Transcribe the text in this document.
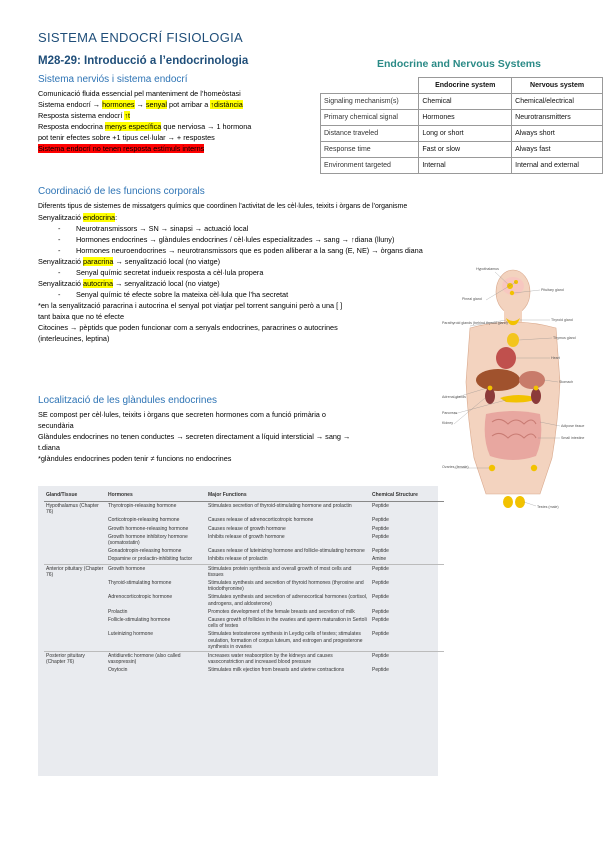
SISTEMA ENDOCRÍ FISIOLOGIA
M28-29: Introducció a l’endocrinologia
Sistema nerviós i sistema endocrí

Comunicació fluida essencial pel manteniment de l’homeòstasi

Sistema endocrí → hormones → senyal pot arribar a ↑distància

Resposta sistema endocrí ↑t

Resposta endocrina menys específica que nerviosa → 1 hormona

pot tenir efectes sobre +1 tipus cel·lular → + respostes

Sistema endocrí no tenen resposta estímuls interns

Endocrine and Nervous Systems
	Endocrine system	Nervous system
Signaling mechanism(s)	Chemical	Chemical/electrical
Primary chemical signal	Hormones	Neurotransmitters
Distance traveled	Long or short	Always short
Response time	Fast or slow	Always fast
Environment targeted	Internal	Internal and external
Coordinació de les funcions corporals

Diferents tipus de sistemes de missatgers químics que coordinen l’activitat de les cèl·lules, teixits i òrgans de l’organisme

Senyalització endocrina:

- Neurotransmissors → SN → sinapsi → actuació local

- Hormones endocrines → glàndules endocrines / cèl·lules especialitzades → sang → ↑diana (lluny)

- Hormones neuroendocrines → neurotransmissors que es poden alliberar a la sang (E, NE) → òrgans diana

Senyalització paracrina → senyalització local (no viatge)

- Senyal químic secretat indueix resposta a cèl·lula propera

Senyalització autocrina → senyalització local (no viatge)

- Senyal químic té efecte sobre la mateixa cèl·lula que l’ha secretat

*en la senyalització paracrina i autocrina el senyal pot viatjar pel torrent sanguini però a una [ ]

tant baixa que no té efecte

Citocines → pèptids que poden funcionar com a senyals endocrines, paracrines o autocrines

(interleucines, leptina)

Localització de les glàndules endocrines

SE compost per cèl·lules, teixits i òrgans que secreten hormones com a funció primària o

secundària

Glàndules endocrines no tenen conductes → secreten directament a líquid intersticial → sang →

t.diana

*glàndules endocrines poden tenir ≠ funcions no endocrines

Hypothalamus
Pineal gland
Pituitary gland
Parathyroid glands (behind thyroid gland)
Thyroid gland
Thymus gland
Heart
Stomach
Adrenal glands
Pancreas
Kidney
Adipose tissue
Small intestine
Ovaries (female)
Testes (male)
Gland/Tissue	Hormones	Major Functions	Chemical Structure
Hypothalamus (Chapter 76)	Thyrotropin-releasing hormone	Stimulates secretion of thyroid-stimulating hormone and prolactin	Peptide
	Corticotropin-releasing hormone	Causes release of adrenocorticotropic hormone	Peptide
	Growth hormone-releasing hormone	Causes release of growth hormone	Peptide
	Growth hormone inhibitory hormone (somatostatin)	Inhibits release of growth hormone	Peptide
	Gonadotropin-releasing hormone	Causes release of luteinizing hormone and follicle-stimulating hormone	Peptide
	Dopamine or prolactin-inhibiting factor	Inhibits release of prolactin	Amine
Anterior pituitary (Chapter 76)	Growth hormone	Stimulates protein synthesis and overall growth of most cells and tissues	Peptide
	Thyroid-stimulating hormone	Stimulates synthesis and secretion of thyroid hormones (thyroxine and triiodothyronine)	Peptide
	Adrenocorticotropic hormone	Stimulates synthesis and secretion of adrenocortical hormones (cortisol, androgens, and aldosterone)	Peptide
	Prolactin	Promotes development of the female breasts and secretion of milk	Peptide
	Follicle-stimulating hormone	Causes growth of follicles in the ovaries and sperm maturation in Sertoli cells of testes	Peptide
	Luteinizing hormone	Stimulates testosterone synthesis in Leydig cells of testes; stimulates ovulation, formation of corpus luteum, and estrogen and progesterone synthesis in ovaries	Peptide
Posterior pituitary (Chapter 76)	Antidiuretic hormone (also called vasopressin)	Increases water reabsorption by the kidneys and causes vasoconstriction and increased blood pressure	Peptide
	Oxytocin	Stimulates milk ejection from breasts and uterine contractions	Peptide
